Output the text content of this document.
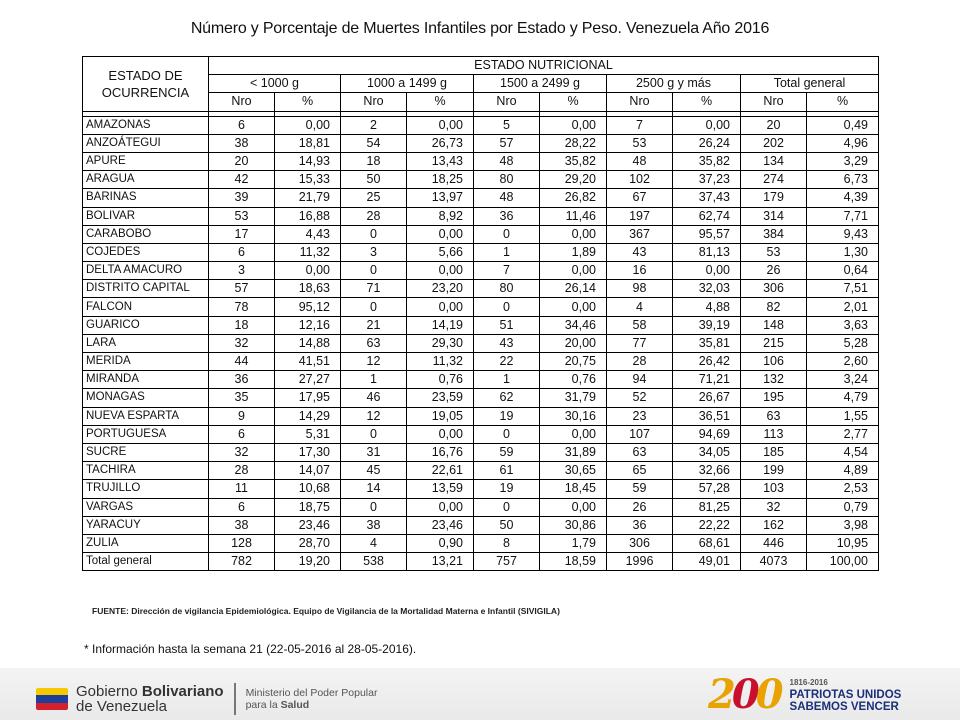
Número y Porcentaje de Muertes Infantiles por Estado y Peso. Venezuela Año 2016
ESTADO DE
OCURRENCIA	ESTADO NUTRICIONAL									
	< 1000 g		1000 a 1499 g		1500 a 2499 g		2500 g y más		Total general	
	Nro	%	Nro	%	Nro	%	Nro	%	Nro	%

AMAZONAS	6	0,00	2	0,00	5	0,00	7	0,00	20	0,49
ANZOÁTEGUI	38	18,81	54	26,73	57	28,22	53	26,24	202	4,96
APURE	20	14,93	18	13,43	48	35,82	48	35,82	134	3,29
ARAGUA	42	15,33	50	18,25	80	29,20	102	37,23	274	6,73
BARINAS	39	21,79	25	13,97	48	26,82	67	37,43	179	4,39
BOLIVAR	53	16,88	28	8,92	36	11,46	197	62,74	314	7,71
CARABOBO	17	4,43	0	0,00	0	0,00	367	95,57	384	9,43
COJEDES	6	11,32	3	5,66	1	1,89	43	81,13	53	1,30
DELTA AMACURO	3	0,00	0	0,00	7	0,00	16	0,00	26	0,64
DISTRITO CAPITAL	57	18,63	71	23,20	80	26,14	98	32,03	306	7,51
FALCON	78	95,12	0	0,00	0	0,00	4	4,88	82	2,01
GUARICO	18	12,16	21	14,19	51	34,46	58	39,19	148	3,63
LARA	32	14,88	63	29,30	43	20,00	77	35,81	215	5,28
MERIDA	44	41,51	12	11,32	22	20,75	28	26,42	106	2,60
MIRANDA	36	27,27	1	0,76	1	0,76	94	71,21	132	3,24
MONAGAS	35	17,95	46	23,59	62	31,79	52	26,67	195	4,79
NUEVA ESPARTA	9	14,29	12	19,05	19	30,16	23	36,51	63	1,55
PORTUGUESA	6	5,31	0	0,00	0	0,00	107	94,69	113	2,77
SUCRE	32	17,30	31	16,76	59	31,89	63	34,05	185	4,54
TACHIRA	28	14,07	45	22,61	61	30,65	65	32,66	199	4,89
TRUJILLO	11	10,68	14	13,59	19	18,45	59	57,28	103	2,53
VARGAS	6	18,75	0	0,00	0	0,00	26	81,25	32	0,79
YARACUY	38	23,46	38	23,46	50	30,86	36	22,22	162	3,98
ZULIA	128	28,70	4	0,90	8	1,79	306	68,61	446	10,95
Total general	782	19,20	538	13,21	757	18,59	1996	49,01	4073	100,00
FUENTE: Dirección de vigilancia Epidemiológica. Equipo de Vigilancia de la Mortalidad Materna e Infantil (SIVIGILA)
* Información hasta la semana 21 (22-05-2016 al 28-05-2016).
Gobierno Bolivariano
de Venezuela
Ministerio del Poder Popular
para la Salud	200 1816-2016
PATRIOTAS UNIDOS
SABEMOS VENCER
